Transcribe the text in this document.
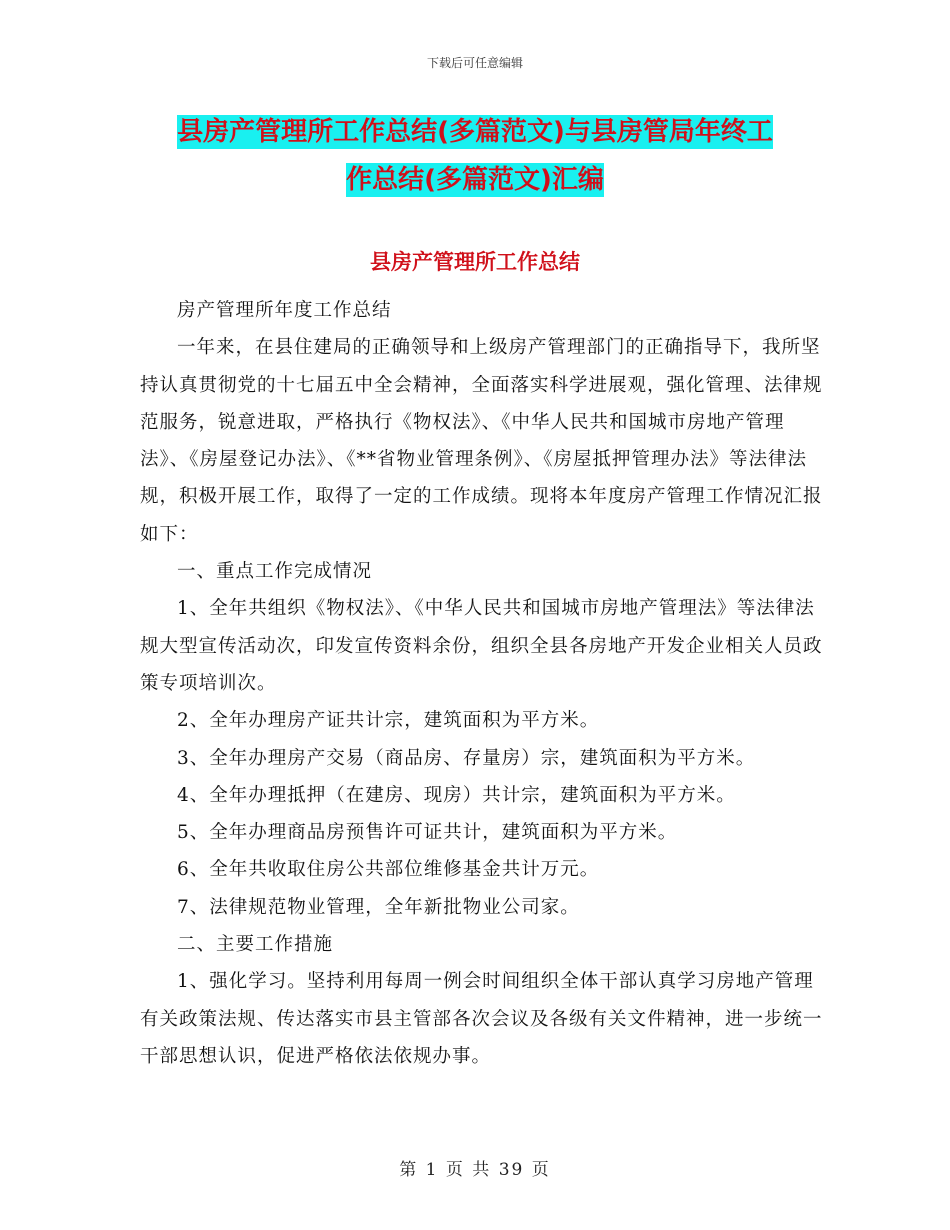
下载后可任意编辑
县房产管理所工作总结(多篇范文)与县房管局年终工
作总结(多篇范文)汇编
县房产管理所工作总结

房产管理所年度工作总结

一年来，在县住建局的正确领导和上级房产管理部门的正确指导下，我所坚持认真贯彻党的十七届五中全会精神，全面落实科学进展观，强化管理、法律规范服务，锐意进取，严格执行《物权法》、《中华人民共和国城市房地产管理法》、《房屋登记办法》、《**省物业管理条例》、《房屋抵押管理办法》等法律法规，积极开展工作，取得了一定的工作成绩。现将本年度房产管理工作情况汇报如下：

一、重点工作完成情况

1、全年共组织《物权法》、《中华人民共和国城市房地产管理法》等法律法规大型宣传活动次，印发宣传资料余份，组织全县各房地产开发企业相关人员政策专项培训次。

2、全年办理房产证共计宗，建筑面积为平方米。

3、全年办理房产交易（商品房、存量房）宗，建筑面积为平方米。

4、全年办理抵押（在建房、现房）共计宗，建筑面积为平方米。

5、全年办理商品房预售许可证共计，建筑面积为平方米。

6、全年共收取住房公共部位维修基金共计万元。

7、法律规范物业管理，全年新批物业公司家。

二、主要工作措施

1、强化学习。坚持利用每周一例会时间组织全体干部认真学习房地产管理有关政策法规、传达落实市县主管部各次会议及各级有关文件精神，进一步统一干部思想认识，促进严格依法依规办事。

第 1 页 共 39 页
